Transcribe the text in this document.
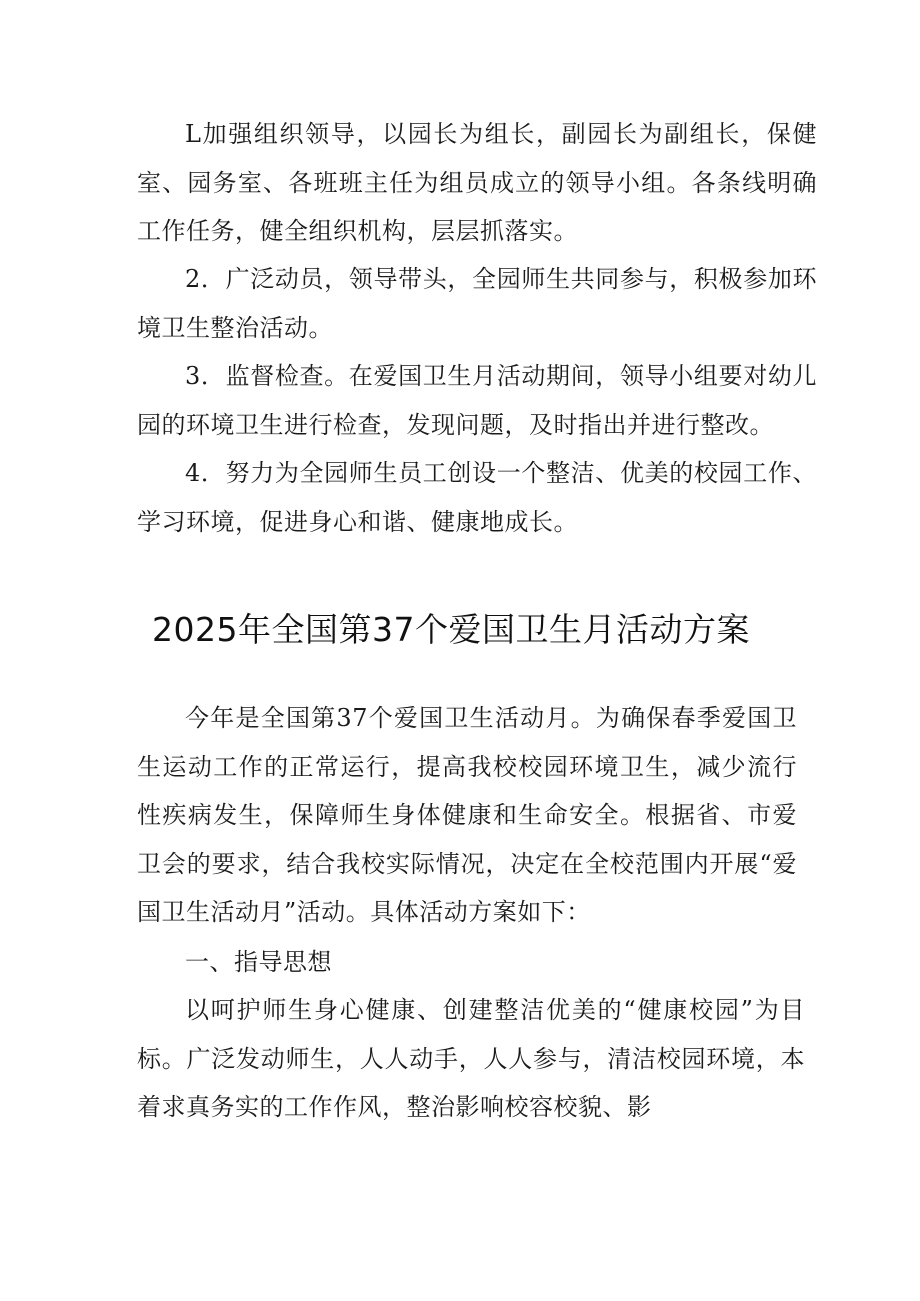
L加强组织领导，以园长为组长，副园长为副组长，保健室、园务室、各班班主任为组员成立的领导小组。各条线明确工作任务，健全组织机构，层层抓落实。

2．广泛动员，领导带头，全园师生共同参与，积极参加环境卫生整治活动。

3．监督检查。在爱国卫生月活动期间，领导小组要对幼儿园的环境卫生进行检查，发现问题，及时指出并进行整改。

4．努力为全园师生员工创设一个整洁、优美的校园工作、学习环境，促进身心和谐、健康地成长。

2025年全国第37个爱国卫生月活动方案

今年是全国第37个爱国卫生活动月。为确保春季爱国卫生运动工作的正常运行，提高我校校园环境卫生，减少流行性疾病发生，保障师生身体健康和生命安全。根据省、市爱卫会的要求，结合我校实际情况，决定在全校范围内开展“爱国卫生活动月”活动。具体活动方案如下：

一、指导思想

以呵护师生身心健康、创建整洁优美的“健康校园”为目标。广泛发动师生，人人动手，人人参与，清洁校园环境，本着求真务实的工作作风，整治影响校容校貌、影
